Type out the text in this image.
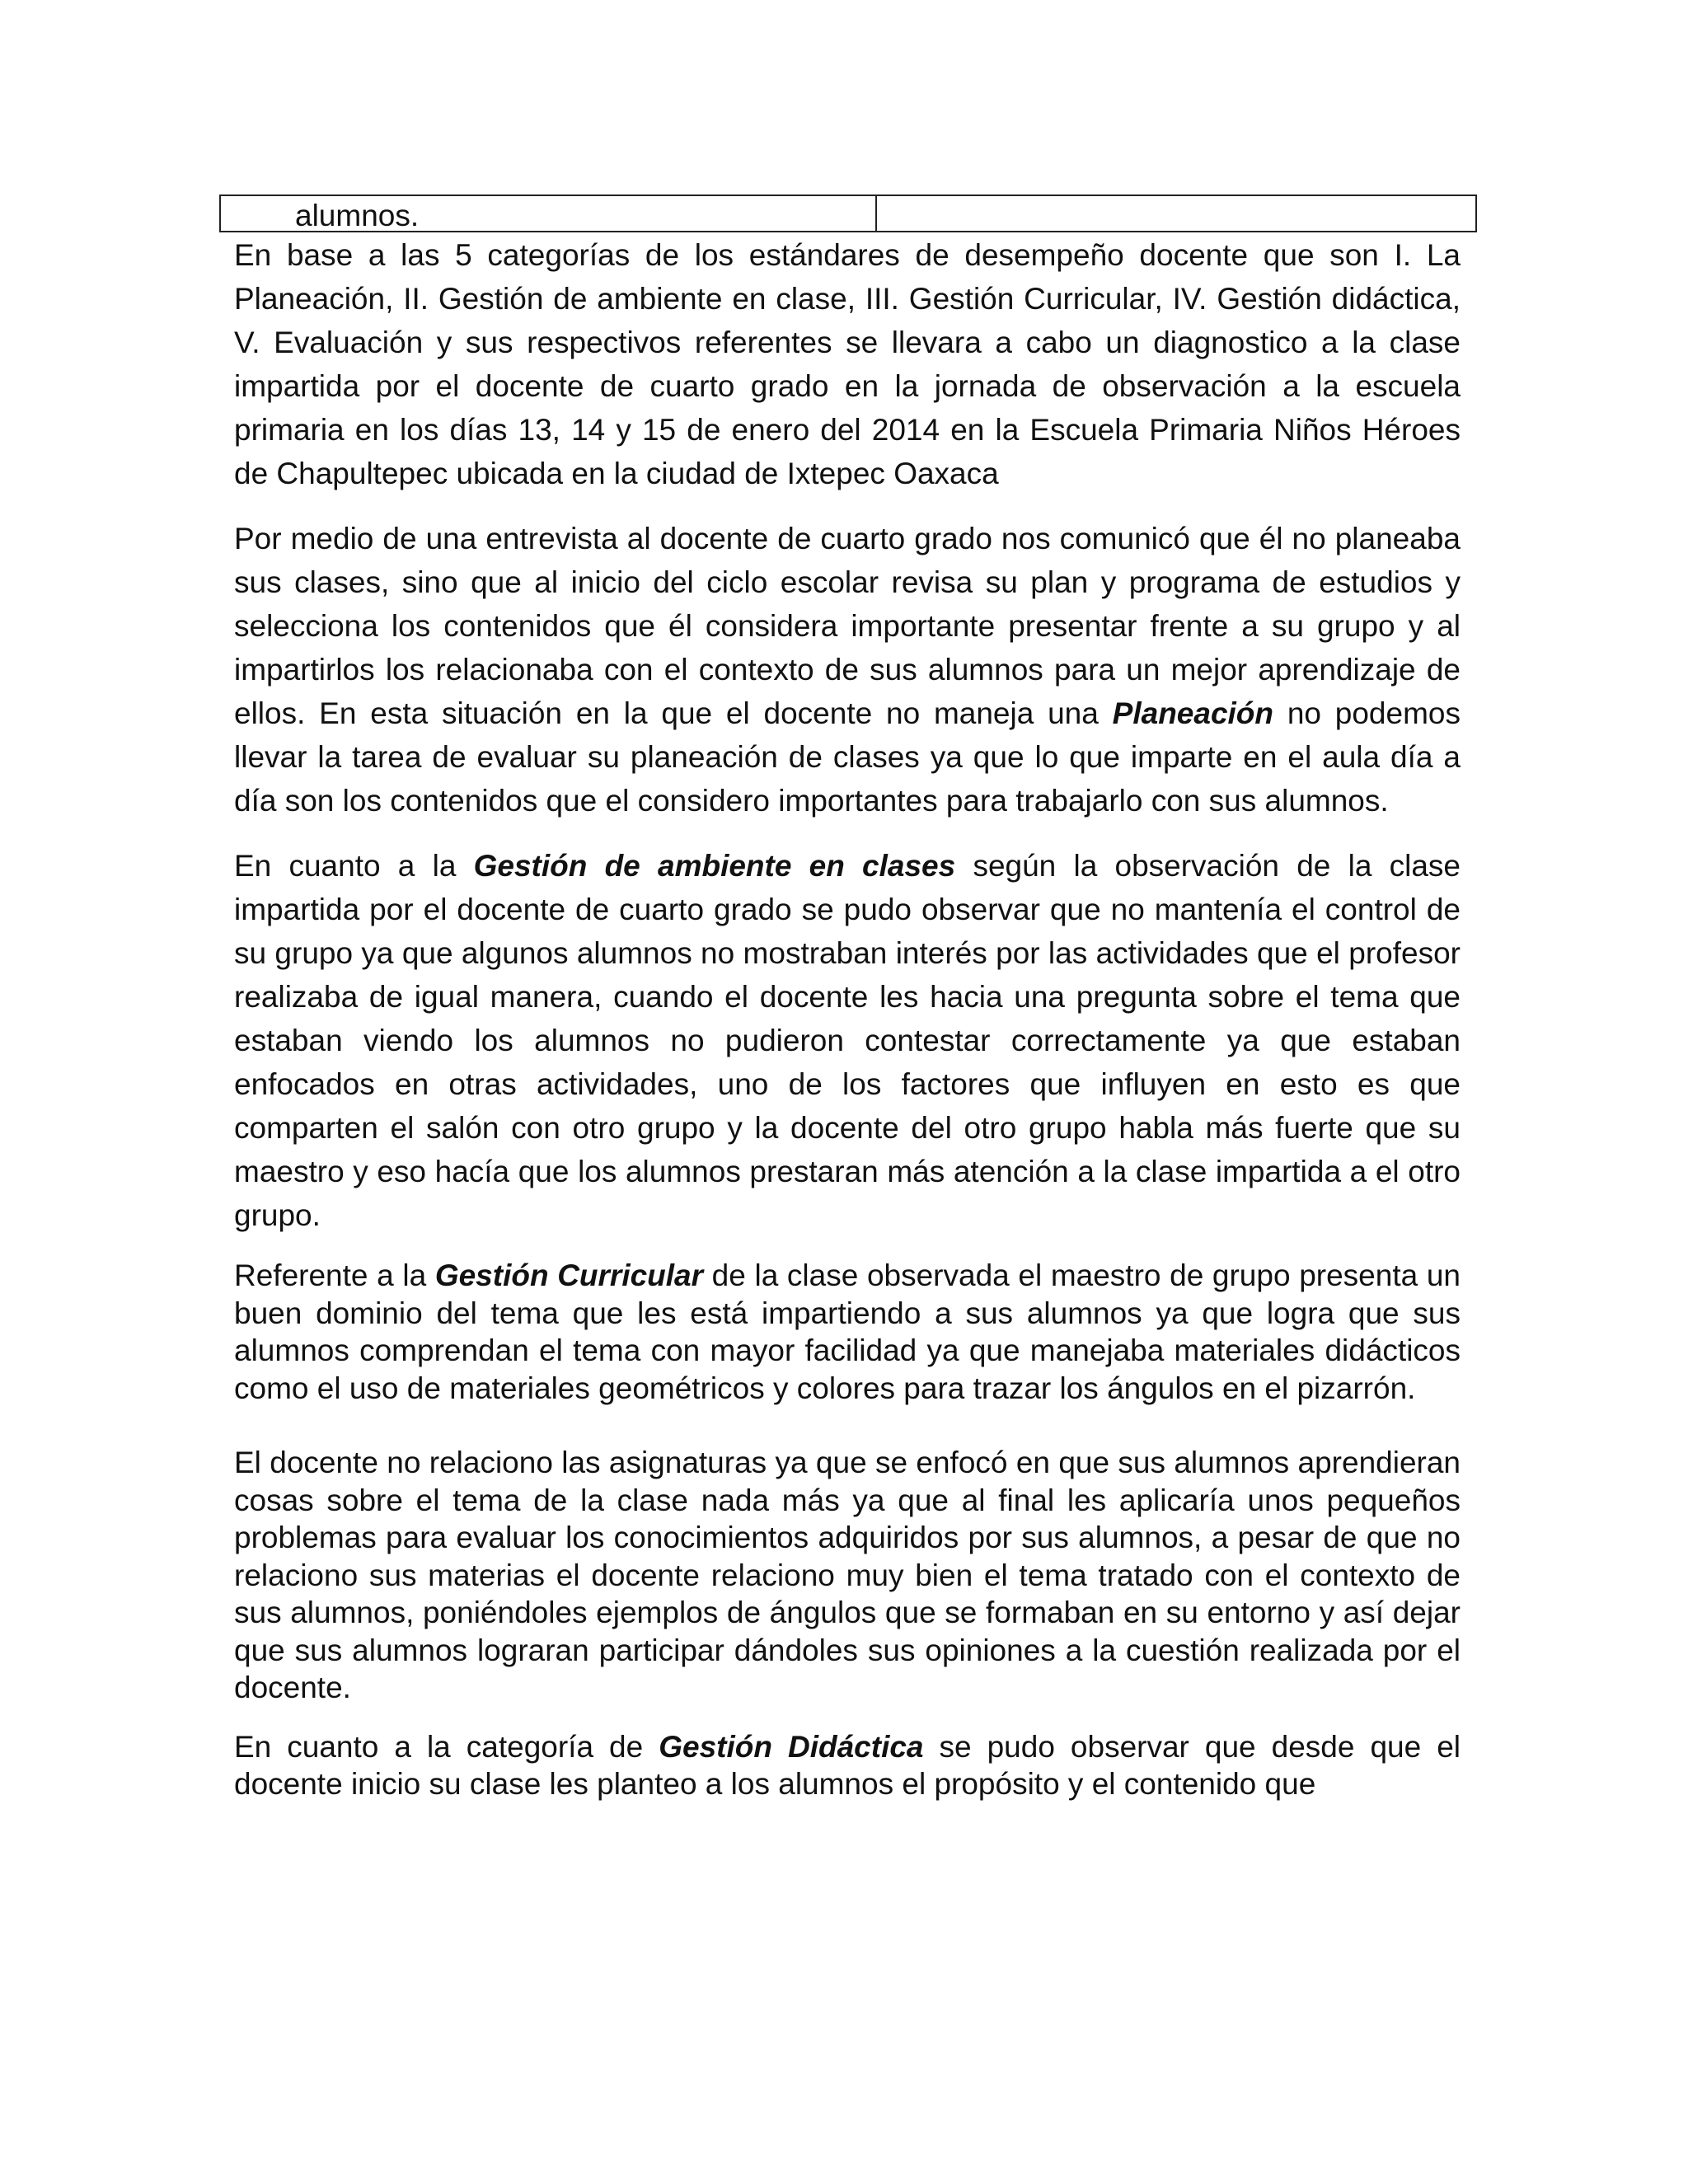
alumnos.

En base a las 5 categorías de los estándares de desempeño docente que son I. La Planeación, II. Gestión de ambiente en clase, III. Gestión Curricular, IV. Gestión didáctica, V. Evaluación y sus respectivos referentes se llevara a cabo un diagnostico a la clase impartida por el docente de cuarto grado en la jornada de observación a la escuela primaria en los días 13, 14 y 15 de enero del 2014 en la Escuela Primaria Niños Héroes de Chapultepec ubicada en la ciudad de Ixtepec Oaxaca

Por medio de una entrevista al docente de cuarto grado nos comunicó que él no planeaba sus clases, sino que al inicio del ciclo escolar revisa su plan y programa de estudios y selecciona los contenidos que él considera importante presentar frente a su grupo y al impartirlos los relacionaba con el contexto de sus alumnos para un mejor aprendizaje de ellos. En esta situación en la que el docente no maneja una Planeación no podemos llevar la tarea de evaluar su planeación de clases ya que lo que imparte en el aula día a día son los contenidos que el considero importantes para trabajarlo con sus alumnos.

En cuanto a la Gestión de ambiente en clases según la observación de la clase impartida por el docente de cuarto grado se pudo observar que no mantenía el control de su grupo ya que algunos alumnos no mostraban interés por las actividades que el profesor realizaba de igual manera, cuando el docente les hacia una pregunta sobre el tema que estaban viendo los alumnos no pudieron contestar correctamente ya que estaban enfocados en otras actividades, uno de los factores que influyen en esto es que comparten el salón con otro grupo y la docente del otro grupo habla más fuerte que su maestro y eso hacía que los alumnos prestaran más atención a la clase impartida a el otro grupo.

Referente a la Gestión Curricular de la clase observada el maestro de grupo presenta un buen dominio del tema que les está impartiendo a sus alumnos ya que logra que sus alumnos comprendan el tema con mayor facilidad ya que manejaba materiales didácticos como el uso de materiales geométricos y colores para trazar los ángulos en el pizarrón.

El docente no relaciono las asignaturas ya que se enfocó en que sus alumnos aprendieran cosas sobre el tema de la clase nada más ya que al final les aplicaría unos pequeños problemas para evaluar los conocimientos adquiridos por sus alumnos, a pesar de que no relaciono sus materias el docente relaciono muy bien el tema tratado con el contexto de sus alumnos, poniéndoles ejemplos de ángulos que se formaban en su entorno y así dejar que sus alumnos lograran participar dándoles sus opiniones a la cuestión realizada por el docente.

En cuanto a la categoría de Gestión Didáctica se pudo observar que desde que el docente inicio su clase les planteo a los alumnos el propósito y el contenido que
